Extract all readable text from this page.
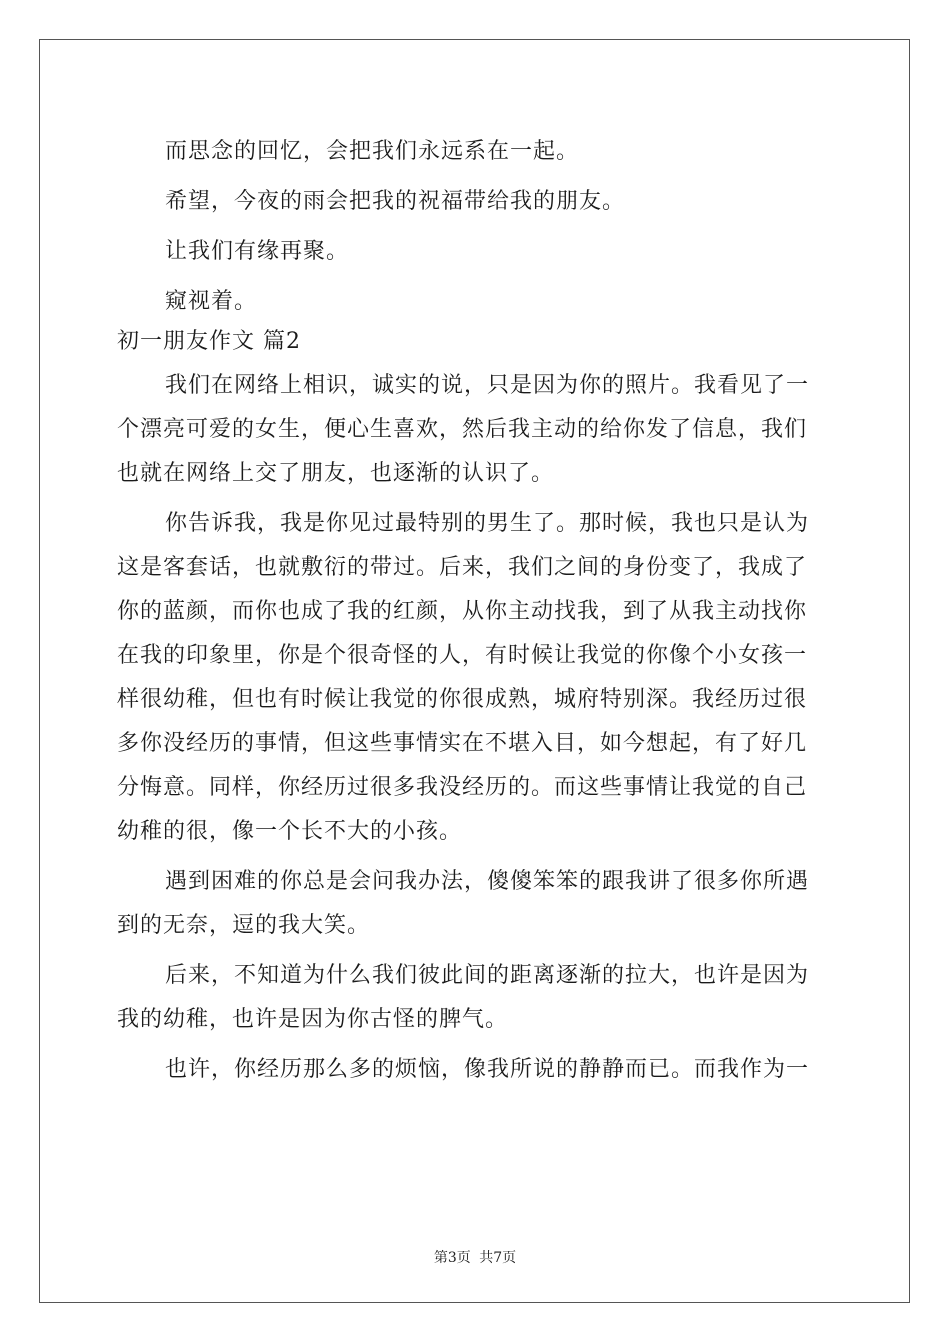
而思念的回忆，会把我们永远系在一起。
希望，今夜的雨会把我的祝福带给我的朋友。
让我们有缘再聚。
窥视着。
初一朋友作文 篇2
我们在网络上相识，诚实的说，只是因为你的照片。我看见了一
个漂亮可爱的女生，便心生喜欢，然后我主动的给你发了信息，我们
也就在网络上交了朋友，也逐渐的认识了。
你告诉我，我是你见过最特别的男生了。那时候，我也只是认为
这是客套话，也就敷衍的带过。后来，我们之间的身份变了，我成了
你的蓝颜，而你也成了我的红颜，从你主动找我，到了从我主动找你
在我的印象里，你是个很奇怪的人，有时候让我觉的你像个小女孩一
样很幼稚，但也有时候让我觉的你很成熟，城府特别深。我经历过很
多你没经历的事情，但这些事情实在不堪入目，如今想起，有了好几
分悔意。同样，你经历过很多我没经历的。而这些事情让我觉的自己
幼稚的很，像一个长不大的小孩。
遇到困难的你总是会问我办法，傻傻笨笨的跟我讲了很多你所遇
到的无奈，逗的我大笑。
后来，不知道为什么我们彼此间的距离逐渐的拉大，也许是因为
我的幼稚，也许是因为你古怪的脾气。
也许，你经历那么多的烦恼，像我所说的静静而已。而我作为一
第3页 共7页
